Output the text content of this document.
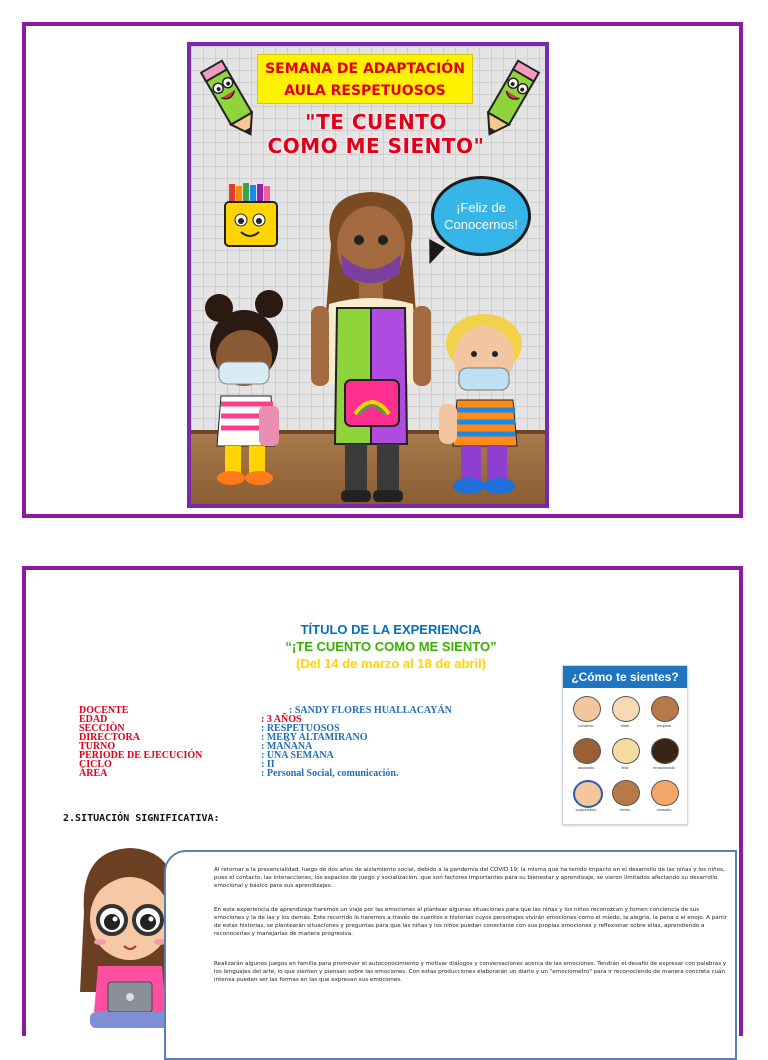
SEMANA DE ADAPTACIÓN
AULA RESPETUOSOS
"TE CUENTO
COMO ME SIENTO"
¡Feliz de
Conocernos!
TÍTULO DE LA EXPERIENCIA
“¡TE CUENTO COMO ME SIENTO”
(Del 14 de marzo al 18 de abril)
DOCENTE	: SANDY FLORES HUALLACAYÁN
EDAD	: 3 AÑOS
SECCIÒN	: RESPETUOSOS
DIRECTORA	: MERY ALTAMIRANO
TURNO	: MAÑANA
PERIODE DE EJECUCIÓN	: UNA SEMANA
CICLO	: II
ÁREA	: Personal Social, comunicación.
¿Cómo te sientes?
contento	triste	enojado
asustado	feliz	emocionado
sorprendido	tímido	cansado
2.SITUACIÓN SIGNIFICATIVA:

Al retornar a la presencialidad, luego de dos años de aislamiento social, debido a la pandemia del COVID 19; la misma que ha tenido impacto en el desarrollo de las niñas y los niños, pues el contacto, las interacciones, los espacios de juego y socialización, que son factores importantes para su bienestar y aprendizaje, se vieron limitados afectando su desarrollo emocional y básico para sus aprendizajes.

En esta experiencia de aprendizaje haremos un viaje por las emociones al plantear algunas situaciones para que las niñas y los niños reconozcan y tomen conciencia de sus emociones y la de las y los demás. Este recorrido lo haremos a través de cuentos e historias cuyos personajes vivirán emociones como el miedo, la alegría, la pena o el enojo. A partir de estas historias, se plantearán situaciones y preguntas para que las niñas y los niños puedan conectarse con sus propias emociones y reflexionar sobre ellas, aprendiendo a reconocerlas y manejarlas de manera progresiva.

Realizarán algunos juegos en familia para promover el autoconocimiento y motivar diálogos y conversaciones acerca de las emociones. Tendrán el desafío de expresar con palabras y los lenguajes del arte, lo que sienten y piensan sobre las emociones. Con estas producciones elaborarán un diario y un "emociómetro" para ir reconociendo de manera concreta cuán intensa pueden ser las formas en las que expresan sus emociones.
